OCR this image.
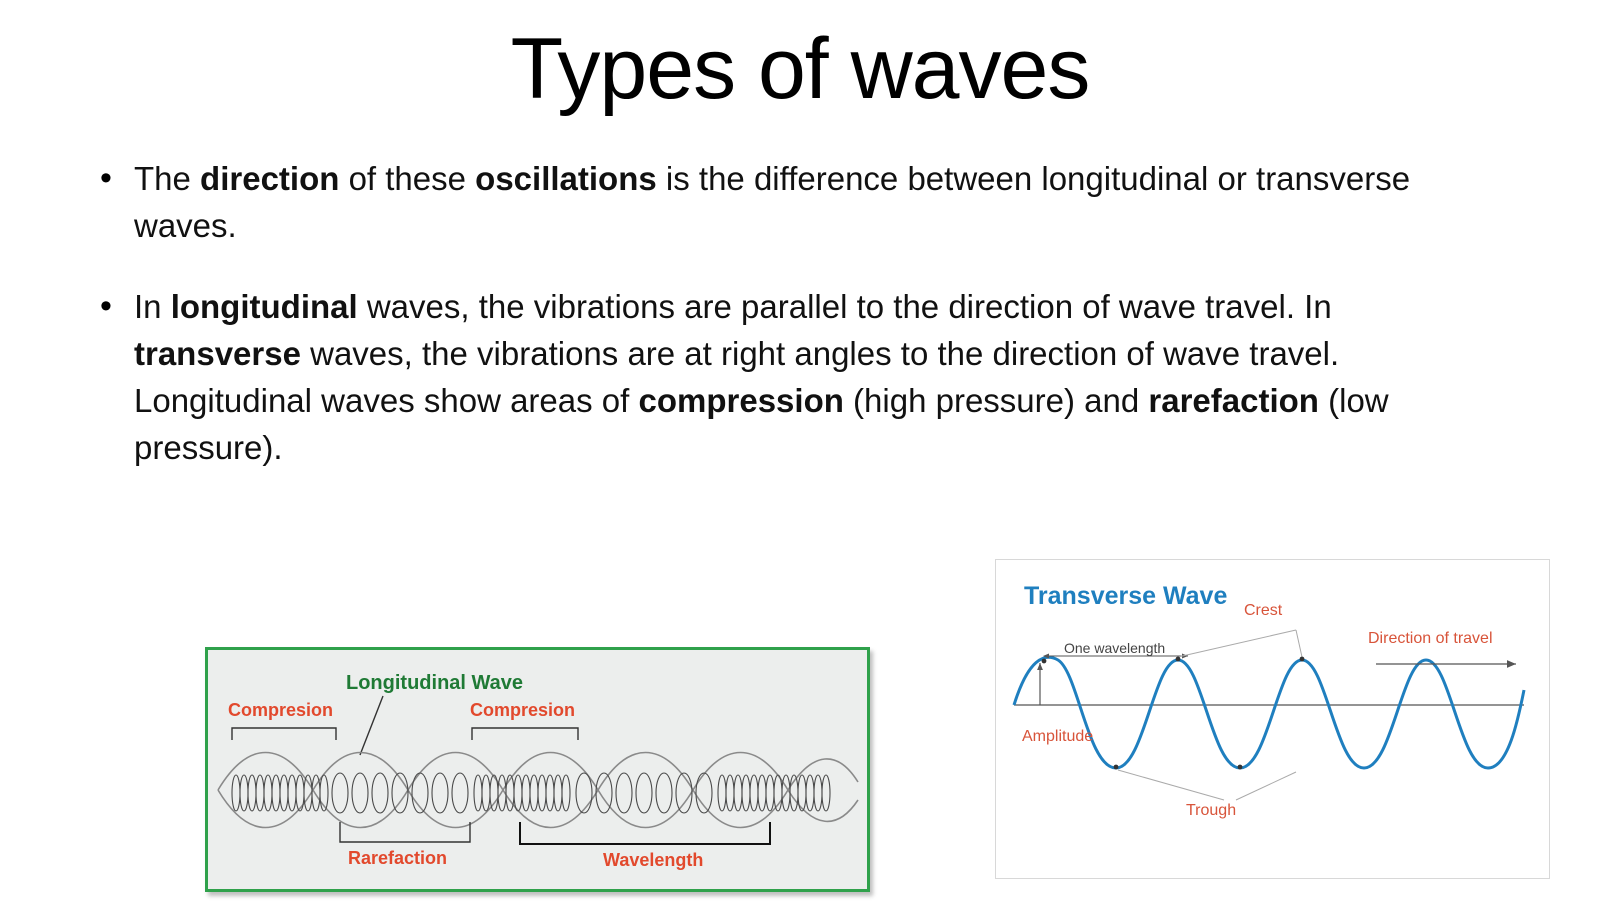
Types of waves
• The direction of these oscillations is the difference between longitudinal or transverse waves.
• In longitudinal waves, the vibrations are parallel to the direction of wave travel. In transverse waves, the vibrations are at right angles to the direction of wave travel. Longitudinal waves show areas of compression (high pressure) and rarefaction (low pressure).
Longitudinal Wave
Compresion	Compresion
Rarefaction	Wavelength
Transverse Wave
Crest
Trough
Amplitude
One wavelength
Direction of travel
